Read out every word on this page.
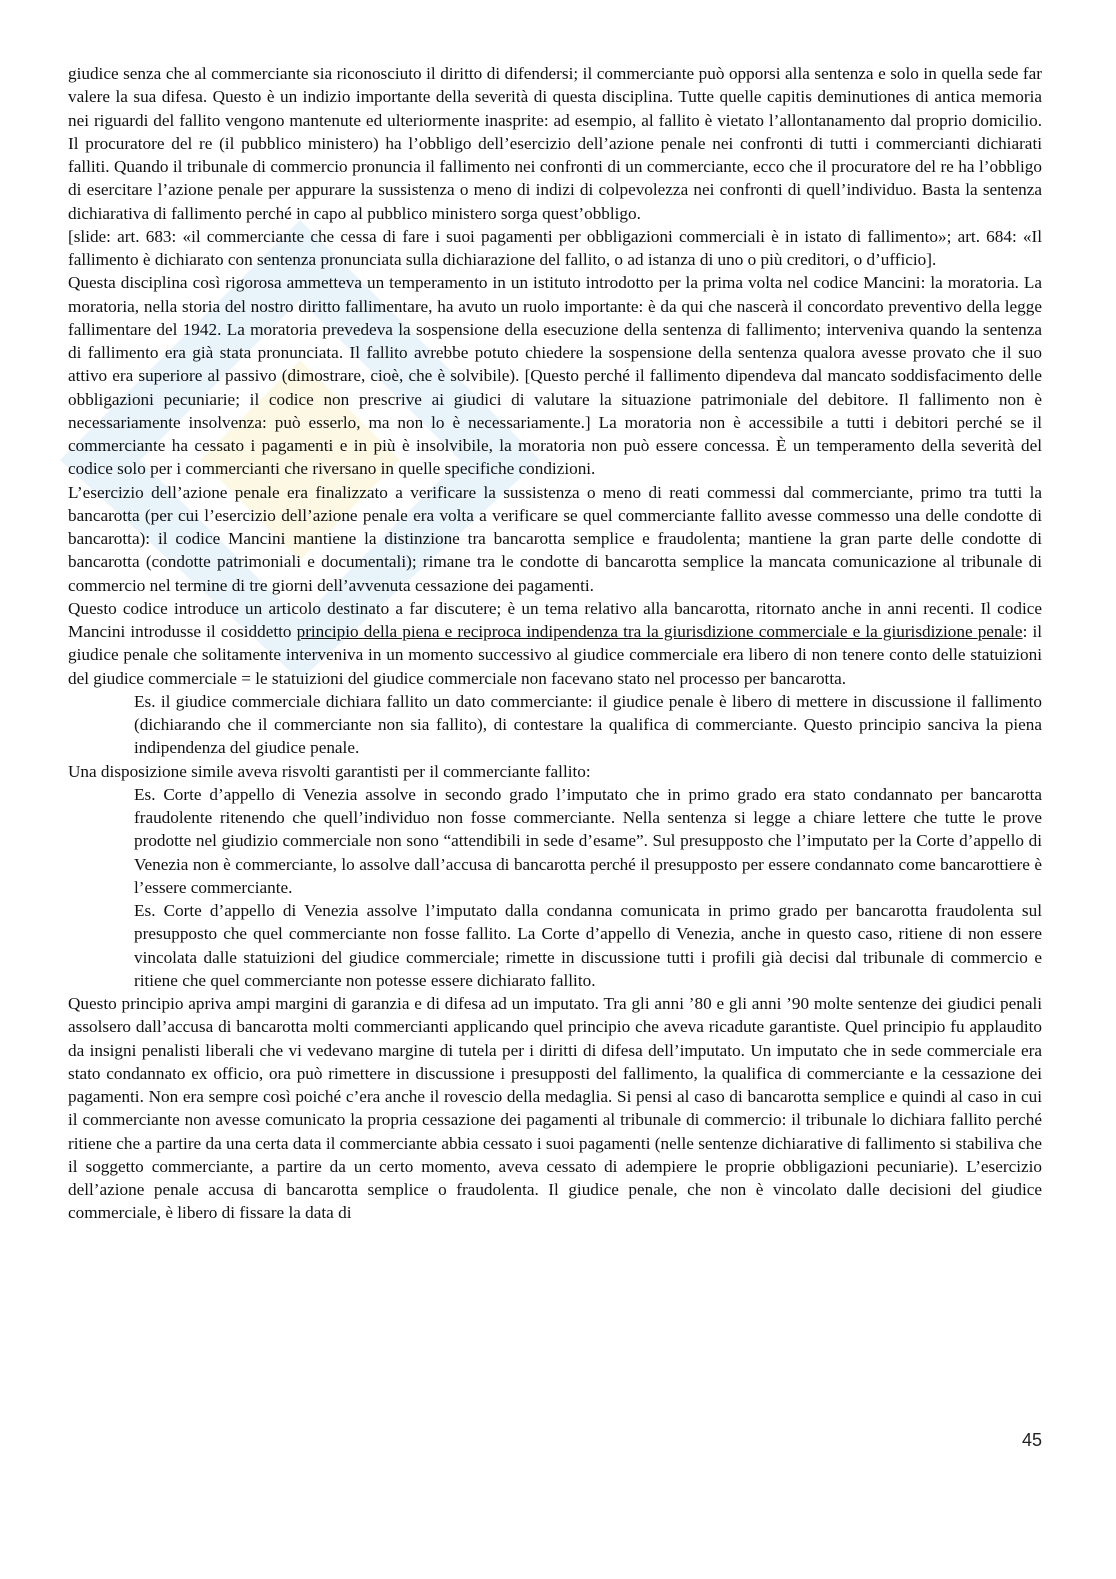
giudice senza che al commerciante sia riconosciuto il diritto di difendersi; il commerciante può opporsi alla sentenza e solo in quella sede far valere la sua difesa. Questo è un indizio importante della severità di questa disciplina. Tutte quelle capitis deminutiones di antica memoria nei riguardi del fallito vengono mantenute ed ulteriormente inasprite: ad esempio, al fallito è vietato l’allontanamento dal proprio domicilio. Il procuratore del re (il pubblico ministero) ha l’obbligo dell’esercizio dell’azione penale nei confronti di tutti i commercianti dichiarati falliti. Quando il tribunale di commercio pronuncia il fallimento nei confronti di un commerciante, ecco che il procuratore del re ha l’obbligo di esercitare l’azione penale per appurare la sussistenza o meno di indizi di colpevolezza nei confronti di quell’individuo. Basta la sentenza dichiarativa di fallimento perché in capo al pubblico ministero sorga quest’obbligo.

[slide: art. 683: «il commerciante che cessa di fare i suoi pagamenti per obbligazioni commerciali è in istato di fallimento»; art. 684: «Il fallimento è dichiarato con sentenza pronunciata sulla dichiarazione del fallito, o ad istanza di uno o più creditori, o d’ufficio].

Questa disciplina così rigorosa ammetteva un temperamento in un istituto introdotto per la prima volta nel codice Mancini: la moratoria. La moratoria, nella storia del nostro diritto fallimentare, ha avuto un ruolo importante: è da qui che nascerà il concordato preventivo della legge fallimentare del 1942. La moratoria prevedeva la sospensione della esecuzione della sentenza di fallimento; interveniva quando la sentenza di fallimento era già stata pronunciata. Il fallito avrebbe potuto chiedere la sospensione della sentenza qualora avesse provato che il suo attivo era superiore al passivo (dimostrare, cioè, che è solvibile). [Questo perché il fallimento dipendeva dal mancato soddisfacimento delle obbligazioni pecuniarie; il codice non prescrive ai giudici di valutare la situazione patrimoniale del debitore. Il fallimento non è necessariamente insolvenza: può esserlo, ma non lo è necessariamente.] La moratoria non è accessibile a tutti i debitori perché se il commerciante ha cessato i pagamenti e in più è insolvibile, la moratoria non può essere concessa. È un temperamento della severità del codice solo per i commercianti che riversano in quelle specifiche condizioni.

L’esercizio dell’azione penale era finalizzato a verificare la sussistenza o meno di reati commessi dal commerciante, primo tra tutti la bancarotta (per cui l’esercizio dell’azione penale era volta a verificare se quel commerciante fallito avesse commesso una delle condotte di bancarotta): il codice Mancini mantiene la distinzione tra bancarotta semplice e fraudolenta; mantiene la gran parte delle condotte di bancarotta (condotte patrimoniali e documentali); rimane tra le condotte di bancarotta semplice la mancata comunicazione al tribunale di commercio nel termine di tre giorni dell’avvenuta cessazione dei pagamenti.

Questo codice introduce un articolo destinato a far discutere; è un tema relativo alla bancarotta, ritornato anche in anni recenti. Il codice Mancini introdusse il cosiddetto principio della piena e reciproca indipendenza tra la giurisdizione commerciale e la giurisdizione penale: il giudice penale che solitamente interveniva in un momento successivo al giudice commerciale era libero di non tenere conto delle statuizioni del giudice commerciale = le statuizioni del giudice commerciale non facevano stato nel processo per bancarotta.

Es. il giudice commerciale dichiara fallito un dato commerciante: il giudice penale è libero di mettere in discussione il fallimento (dichiarando che il commerciante non sia fallito), di contestare la qualifica di commerciante. Questo principio sanciva la piena indipendenza del giudice penale.

Una disposizione simile aveva risvolti garantisti per il commerciante fallito:

Es. Corte d’appello di Venezia assolve in secondo grado l’imputato che in primo grado era stato condannato per bancarotta fraudolente ritenendo che quell’individuo non fosse commerciante. Nella sentenza si legge a chiare lettere che tutte le prove prodotte nel giudizio commerciale non sono “attendibili in sede d’esame”. Sul presupposto che l’imputato per la Corte d’appello di Venezia non è commerciante, lo assolve dall’accusa di bancarotta perché il presupposto per essere condannato come bancarottiere è l’essere commerciante.

Es. Corte d’appello di Venezia assolve l’imputato dalla condanna comunicata in primo grado per bancarotta fraudolenta sul presupposto che quel commerciante non fosse fallito. La Corte d’appello di Venezia, anche in questo caso, ritiene di non essere vincolata dalle statuizioni del giudice commerciale; rimette in discussione tutti i profili già decisi dal tribunale di commercio e ritiene che quel commerciante non potesse essere dichiarato fallito.

Questo principio apriva ampi margini di garanzia e di difesa ad un imputato. Tra gli anni ’80 e gli anni ’90 molte sentenze dei giudici penali assolsero dall’accusa di bancarotta molti commercianti applicando quel principio che aveva ricadute garantiste. Quel principio fu applaudito da insigni penalisti liberali che vi vedevano margine di tutela per i diritti di difesa dell’imputato. Un imputato che in sede commerciale era stato condannato ex officio, ora può rimettere in discussione i presupposti del fallimento, la qualifica di commerciante e la cessazione dei pagamenti. Non era sempre così poiché c’era anche il rovescio della medaglia. Si pensi al caso di bancarotta semplice e quindi al caso in cui il commerciante non avesse comunicato la propria cessazione dei pagamenti al tribunale di commercio: il tribunale lo dichiara fallito perché ritiene che a partire da una certa data il commerciante abbia cessato i suoi pagamenti (nelle sentenze dichiarative di fallimento si stabiliva che il soggetto commerciante, a partire da un certo momento, aveva cessato di adempiere le proprie obbligazioni pecuniarie). L’esercizio dell’azione penale accusa di bancarotta semplice o fraudolenta. Il giudice penale, che non è vincolato dalle decisioni del giudice commerciale, è libero di fissare la data di

45
